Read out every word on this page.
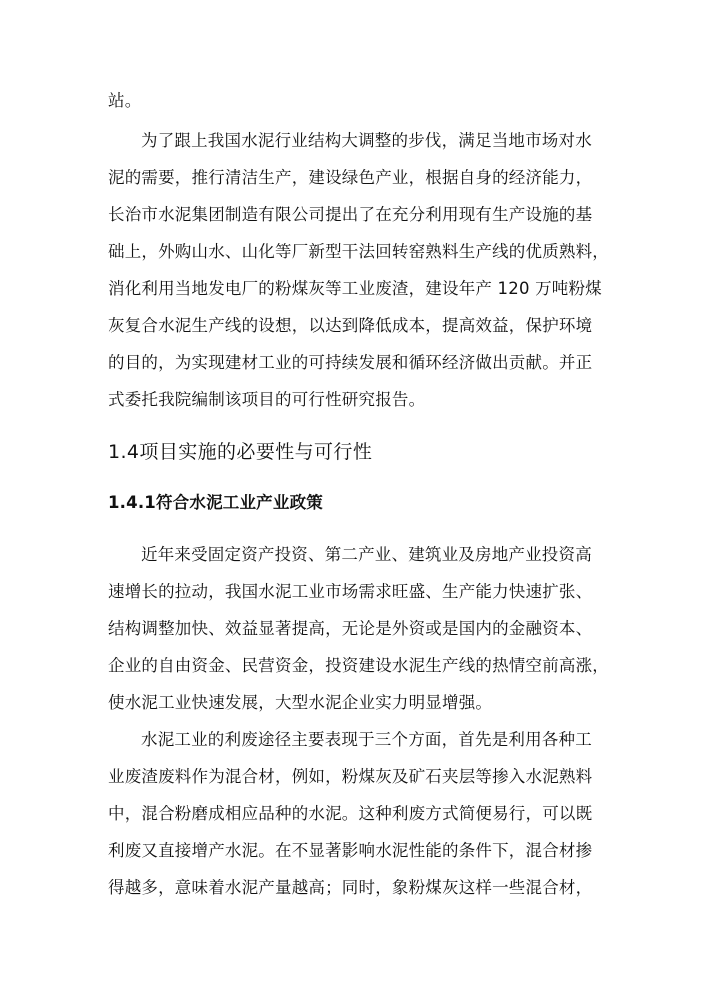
站。
为了跟上我国水泥行业结构大调整的步伐，满足当地市场对水
泥的需要，推行清洁生产，建设绿色产业，根据自身的经济能力，
长治市水泥集团制造有限公司提出了在充分利用现有生产设施的基
础上，外购山水、山化等厂新型干法回转窑熟料生产线的优质熟料，
消化利用当地发电厂的粉煤灰等工业废渣，建设年产 120 万吨粉煤
灰复合水泥生产线的设想，以达到降低成本，提高效益，保护环境
的目的，为实现建材工业的可持续发展和循环经济做出贡献。并正
式委托我院编制该项目的可行性研究报告。
1.4项目实施的必要性与可行性
1.4.1符合水泥工业产业政策
近年来受固定资产投资、第二产业、建筑业及房地产业投资高
速增长的拉动，我国水泥工业市场需求旺盛、生产能力快速扩张、
结构调整加快、效益显著提高，无论是外资或是国内的金融资本、
企业的自由资金、民营资金，投资建设水泥生产线的热情空前高涨，
使水泥工业快速发展，大型水泥企业实力明显增强。
水泥工业的利废途径主要表现于三个方面，首先是利用各种工
业废渣废料作为混合材，例如，粉煤灰及矿石夹层等掺入水泥熟料
中，混合粉磨成相应品种的水泥。这种利废方式简便易行，可以既
利废又直接增产水泥。在不显著影响水泥性能的条件下，混合材掺
得越多，意味着水泥产量越高；同时，象粉煤灰这样一些混合材，
